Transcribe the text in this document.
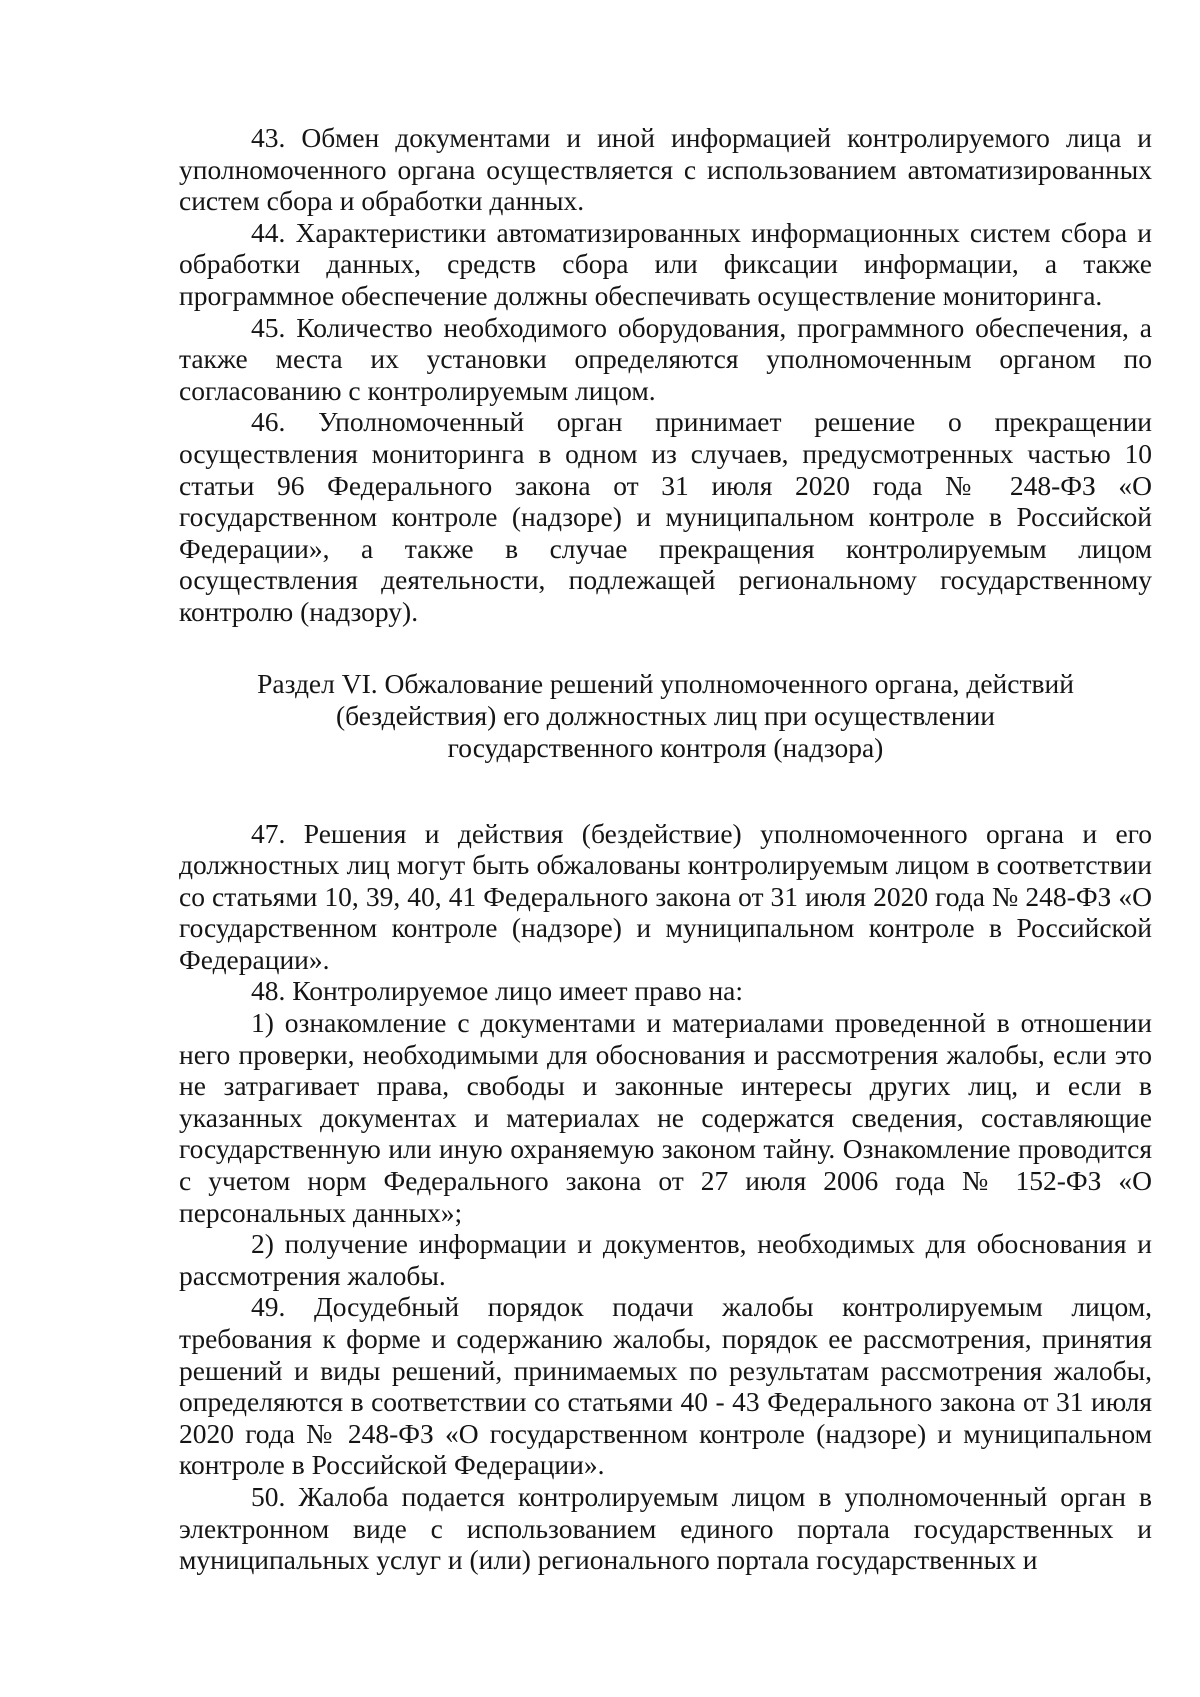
43. Обмен документами и иной информацией контролируемого лица и уполномоченного органа осуществляется с использованием автоматизированных систем сбора и обработки данных.

44. Характеристики автоматизированных информационных систем сбора и обработки данных, средств сбора или фиксации информации, а также программное обеспечение должны обеспечивать осуществление мониторинга.

45. Количество необходимого оборудования, программного обеспечения, а также места их установки определяются уполномоченным органом по согласованию с контролируемым лицом.

46. Уполномоченный орган принимает решение о прекращении осуществления мониторинга в одном из случаев, предусмотренных частью 10 статьи 96 Федерального закона от 31 июля 2020 года № 248-ФЗ «О государственном контроле (надзоре) и муниципальном контроле в Российской Федерации», а также в случае прекращения контролируемым лицом осуществления деятельности, подлежащей региональному государственному контролю (надзору).

Раздел VI. Обжалование решений уполномоченного органа, действий
(бездействия) его должностных лиц при осуществлении
государственного контроля (надзора)

47. Решения и действия (бездействие) уполномоченного органа и его должностных лиц могут быть обжалованы контролируемым лицом в соответствии со статьями 10, 39, 40, 41 Федерального закона от 31 июля 2020 года № 248-ФЗ «О государственном контроле (надзоре) и муниципальном контроле в Российской Федерации».

48. Контролируемое лицо имеет право на:

1) ознакомление с документами и материалами проведенной в отношении него проверки, необходимыми для обоснования и рассмотрения жалобы, если это не затрагивает права, свободы и законные интересы других лиц, и если в указанных документах и материалах не содержатся сведения, составляющие государственную или иную охраняемую законом тайну. Ознакомление проводится с учетом норм Федерального закона от 27 июля 2006 года № 152-ФЗ «О персональных данных»;

2) получение информации и документов, необходимых для обоснования и рассмотрения жалобы.

49. Досудебный порядок подачи жалобы контролируемым лицом, требования к форме и содержанию жалобы, порядок ее рассмотрения, принятия решений и виды решений, принимаемых по результатам рассмотрения жалобы, определяются в соответствии со статьями 40 - 43 Федерального закона от 31 июля 2020 года № 248-ФЗ «О государственном контроле (надзоре) и муниципальном контроле в Российской Федерации».

50. Жалоба подается контролируемым лицом в уполномоченный орган в электронном виде с использованием единого портала государственных и муниципальных услуг и (или) регионального портала государственных и
